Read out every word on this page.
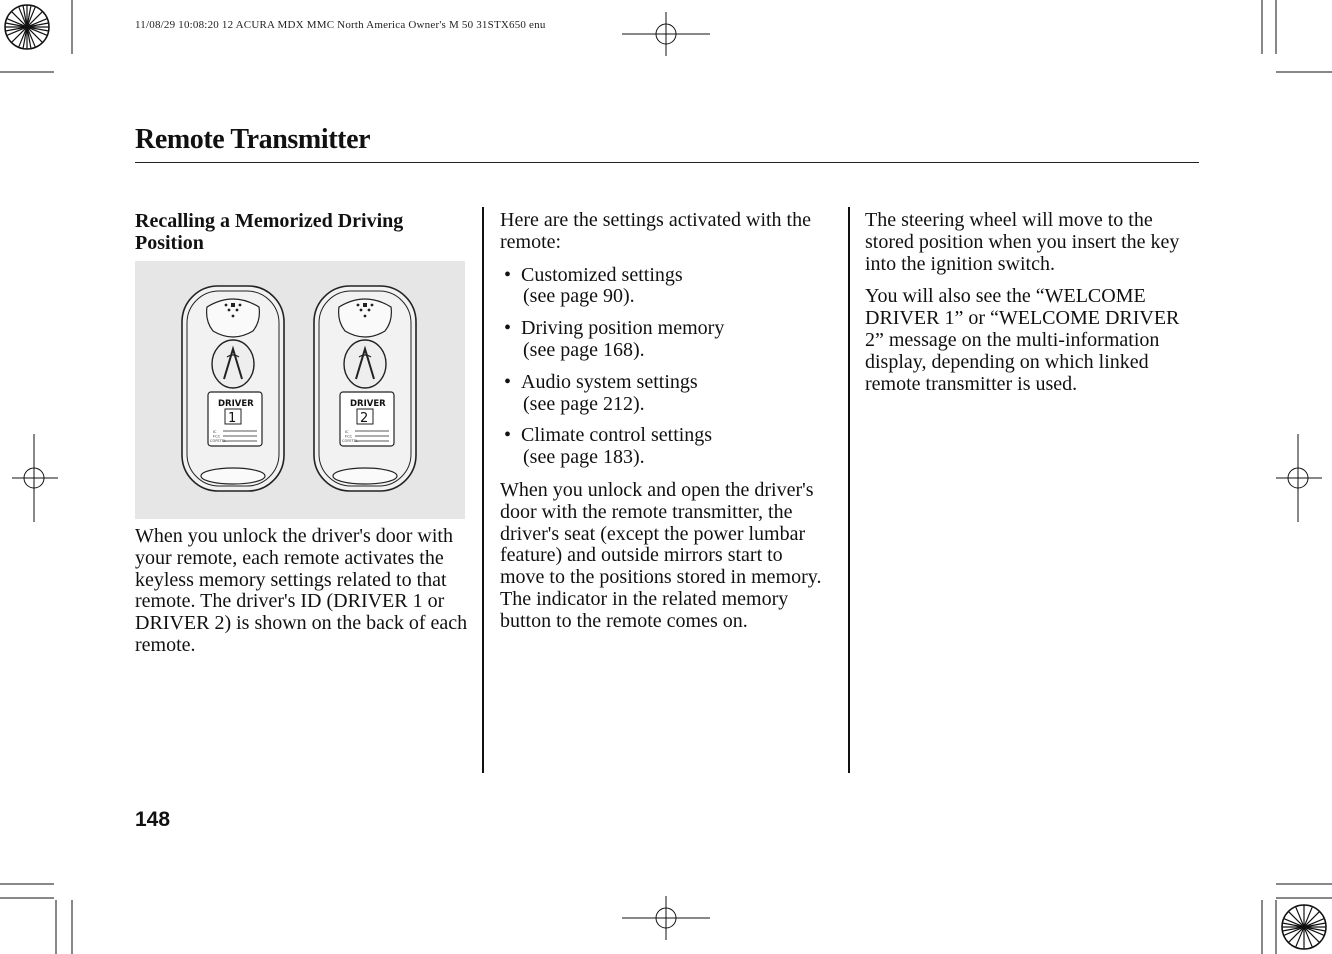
11/08/29 10:08:20 12 ACURA MDX MMC North America Owner's M 50 31STX650 enu
Remote Transmitter
Recalling a Memorized Driving Position
DRIVER
1
IC
FCC
COFETEL
DRIVER
2
IC
FCC
COFETEL

When you unlock the driver's door with your remote, each remote activates the keyless memory settings related to that remote. The driver's ID (DRIVER 1 or DRIVER 2) is shown on the back of each remote.

Here are the settings activated with the remote:

• Customized settings
(see page 90).
• Driving position memory
(see page 168).
• Audio system settings
(see page 212).
• Climate control settings
(see page 183).

When you unlock and open the driver's door with the remote transmitter, the driver's seat (except the power lumbar feature) and outside mirrors start to move to the positions stored in memory. The indicator in the related memory button to the remote comes on.

The steering wheel will move to the stored position when you insert the key into the ignition switch.

You will also see the “WELCOME DRIVER 1” or “WELCOME DRIVER 2” message on the multi-information display, depending on which linked remote transmitter is used.

148
